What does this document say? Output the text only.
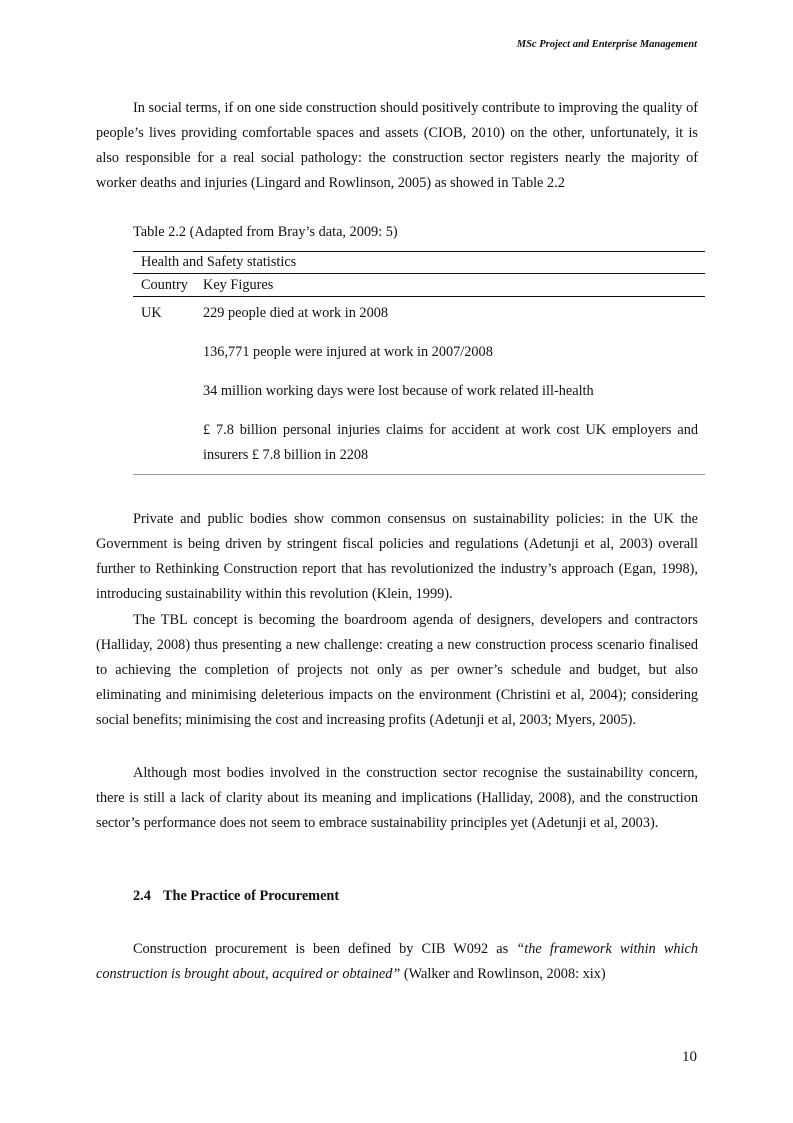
MSc Project and Enterprise Management

In social terms, if on one side construction should positively contribute to improving the quality of people’s lives providing comfortable spaces and assets (CIOB, 2010) on the other, unfortunately, it is also responsible for a real social pathology: the construction sector registers nearly the majority of worker deaths and injuries (Lingard and Rowlinson, 2005) as showed in Table 2.2

Table 2.2 (Adapted from Bray’s data, 2009: 5)

Health and Safety statistics
Country	Key Figures
UK	229 people died at work in 2008

136,771 people were injured at work in 2007/2008

34 million working days were lost because of work related ill-health

£ 7.8 billion personal injuries claims for accident at work cost UK employers and insurers £ 7.8 billion in 2208

Private and public bodies show common consensus on sustainability policies: in the UK the Government is being driven by stringent fiscal policies and regulations (Adetunji et al, 2003) overall further to Rethinking Construction report that has revolutionized the industry’s approach (Egan, 1998), introducing sustainability within this revolution (Klein, 1999).

The TBL concept is becoming the boardroom agenda of designers, developers and contractors (Halliday, 2008) thus presenting a new challenge: creating a new construction process scenario finalised to achieving the completion of projects not only as per owner’s schedule and budget, but also eliminating and minimising deleterious impacts on the environment (Christini et al, 2004); considering social benefits; minimising the cost and increasing profits (Adetunji et al, 2003; Myers, 2005).

Although most bodies involved in the construction sector recognise the sustainability concern, there is still a lack of clarity about its meaning and implications (Halliday, 2008), and the construction sector’s performance does not seem to embrace sustainability principles yet (Adetunji et al, 2003).

2.4 The Practice of Procurement

Construction procurement is been defined by CIB W092 as “the framework within which construction is brought about, acquired or obtained” (Walker and Rowlinson, 2008: xix)

10
